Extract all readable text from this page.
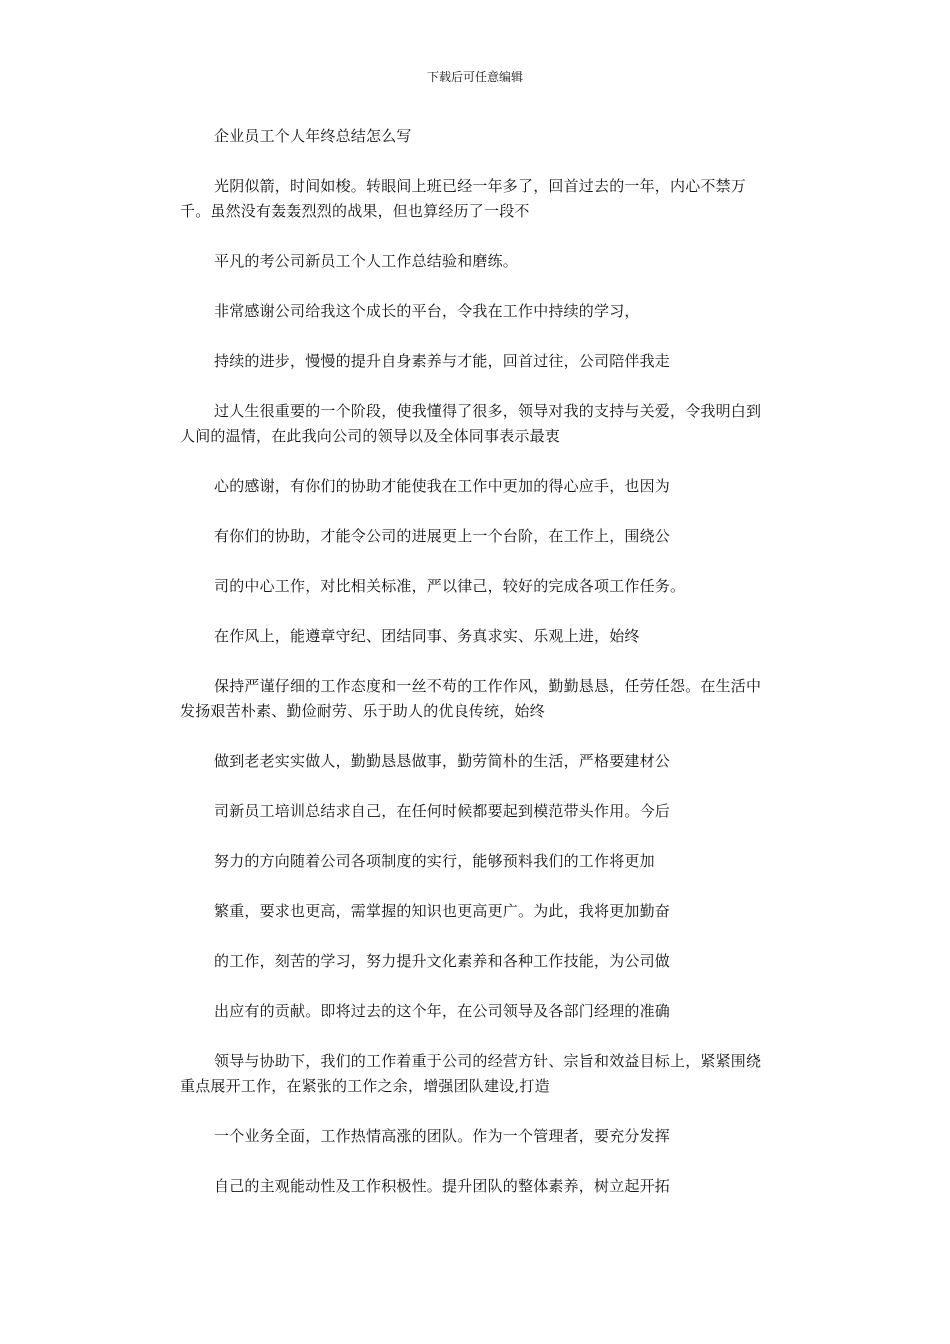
下载后可任意编辑

企业员工个人年终总结怎么写

光阴似箭，时间如梭。转眼间上班已经一年多了，回首过去的一年，内心不禁万千。虽然没有轰轰烈烈的战果，但也算经历了一段不

平凡的考公司新员工个人工作总结验和磨练。

非常感谢公司给我这个成长的平台，令我在工作中持续的学习，

持续的进步，慢慢的提升自身素养与才能，回首过往，公司陪伴我走

过人生很重要的一个阶段，使我懂得了很多，领导对我的支持与关爱，令我明白到人间的温情，在此我向公司的领导以及全体同事表示最衷

心的感谢，有你们的协助才能使我在工作中更加的得心应手，也因为

有你们的协助，才能令公司的进展更上一个台阶，在工作上，围绕公

司的中心工作，对比相关标准，严以律己，较好的完成各项工作任务。

在作风上，能遵章守纪、团结同事、务真求实、乐观上进，始终

保持严谨仔细的工作态度和一丝不苟的工作作风，勤勤恳恳，任劳任怨。在生活中发扬艰苦朴素、勤俭耐劳、乐于助人的优良传统，始终

做到老老实实做人，勤勤恳恳做事，勤劳简朴的生活，严格要建材公

司新员工培训总结求自己，在任何时候都要起到模范带头作用。今后

努力的方向随着公司各项制度的实行，能够预料我们的工作将更加

繁重，要求也更高，需掌握的知识也更高更广。为此，我将更加勤奋

的工作，刻苦的学习，努力提升文化素养和各种工作技能，为公司做

出应有的贡献。即将过去的这个年，在公司领导及各部门经理的准确

领导与协助下，我们的工作着重于公司的经营方针、宗旨和效益目标上，紧紧围绕重点展开工作，在紧张的工作之余，增强团队建设,打造

一个业务全面，工作热情高涨的团队。作为一个管理者，要充分发挥

自己的主观能动性及工作积极性。提升团队的整体素养，树立起开拓
